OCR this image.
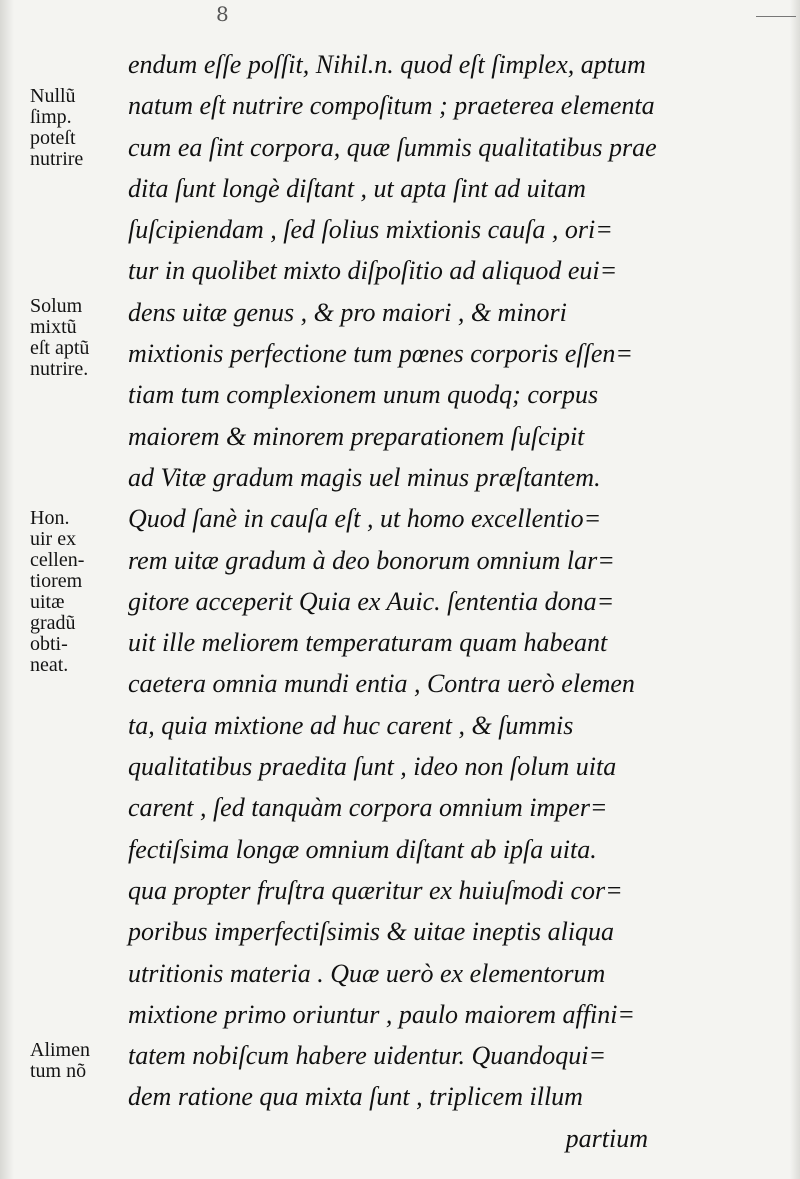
8
Nullũ
ſimp.
poteſt
nutrire
Solum
mixtũ
eſt aptũ
nutrire.
Hon.
uir ex
cellen-
tiorem
uitæ
gradũ
obti-
neat.
Alimen
tum nõ
endum eſſe poſſit, Nihil.n. quod eſt ſimplex, aptum
natum eſt nutrire compoſitum ; praeterea elementa
cum ea ſint corpora, quæ ſummis qualitatibus prae
dita ſunt longè diſtant , ut apta ſint ad uitam
ſuſcipiendam , ſed ſolius mixtionis cauſa , ori=
tur in quolibet mixto diſpoſitio ad aliquod eui=
dens uitæ genus , & pro maiori , & minori
mixtionis perfectione tum pœnes corporis eſſen=
tiam tum complexionem unum quodq; corpus
maiorem & minorem preparationem ſuſcipit
ad Vitæ gradum magis uel minus præſtantem.
Quod ſanè in cauſa eſt , ut homo excellentio=
rem uitæ gradum à deo bonorum omnium lar=
gitore acceperit Quia ex Auic. ſententia dona=
uit ille meliorem temperaturam quam habeant
caetera omnia mundi entia , Contra uerò elemen
ta, quia mixtione ad huc carent , & ſummis
qualitatibus praedita ſunt , ideo non ſolum uita
carent , ſed tanquàm corpora omnium imper=
fectiſsima longæ omnium diſtant ab ipſa uita.
qua propter fruſtra quæritur ex huiuſmodi cor=
poribus imperfectiſsimis & uitae ineptis aliqua
utritionis materia . Quæ uerò ex elementorum
mixtione primo oriuntur , paulo maiorem affini=
tatem nobiſcum habere uidentur. Quandoqui=
dem ratione qua mixta ſunt , triplicem illum
partium
